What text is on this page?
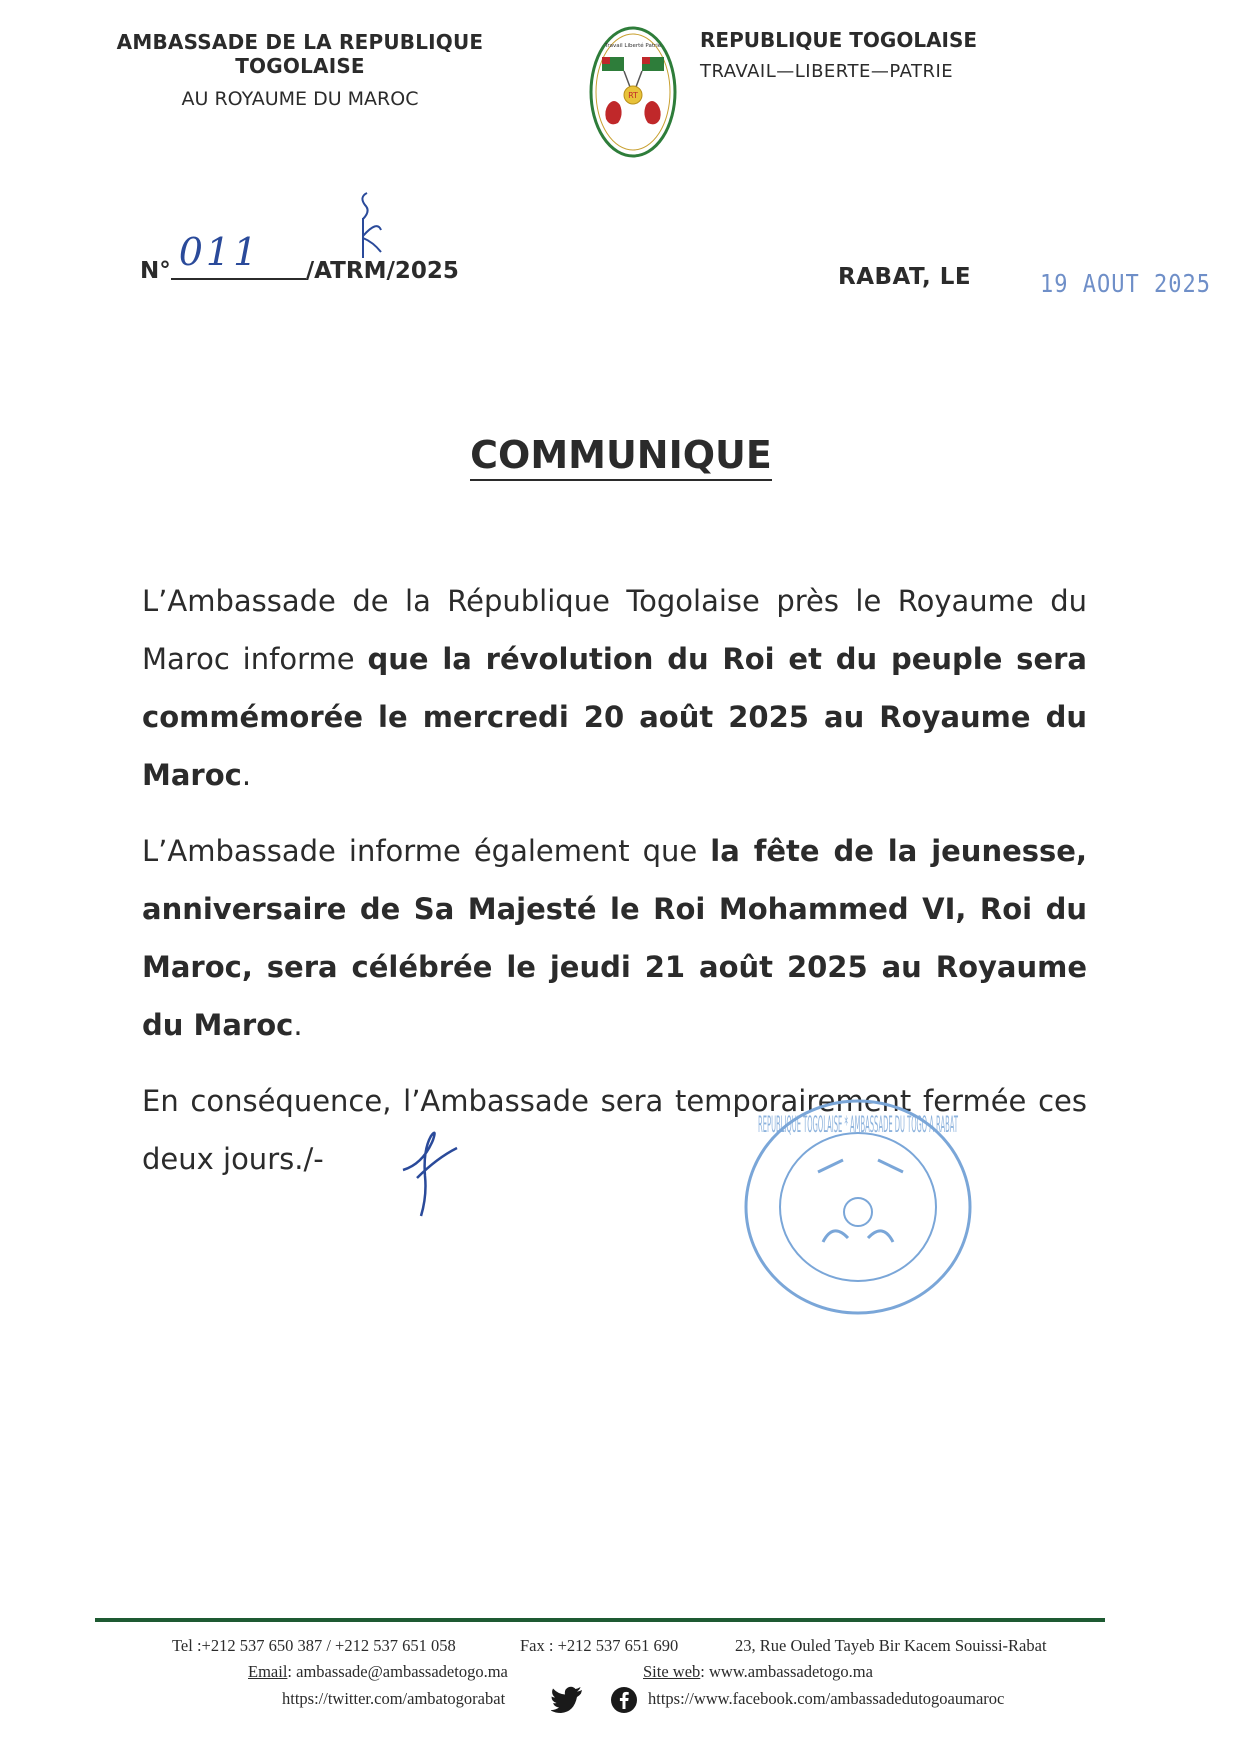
AMBASSADE DE LA REPUBLIQUE TOGOLAISE
AU ROYAUME DU MAROC	RT
Travail Liberté Patrie REPUBLIQUE TOGOLAISE
TRAVAIL—LIBERTE—PATRIE
N° 011 /ATRM/2025	RABAT, LE	19 AOUT 2025
COMMUNIQUE

L’Ambassade de la République Togolaise près le Royaume du Maroc informe que la révolution du Roi et du peuple sera commémorée le mercredi 20 août 2025 au Royaume du Maroc.

L’Ambassade informe également que la fête de la jeunesse, anniversaire de Sa Majesté le Roi Mohammed VI, Roi du Maroc, sera célébrée le jeudi 21 août 2025 au Royaume du Maroc.

En conséquence, l’Ambassade sera temporairement fermée ces deux jours./-

REPUBLIQUE TOGOLAISE * AMBASSADE DU TOGO A RABAT
Tel :+212 537 650 387 / +212 537 651 058	Fax : +212 537 651 690	23, Rue Ouled Tayeb Bir Kacem Souissi-Rabat
Email: ambassade@ambassadetogo.ma	Site web: www.ambassadetogo.ma
https://twitter.com/ambatogorabat	https://www.facebook.com/ambassadedutogoaumaroc
